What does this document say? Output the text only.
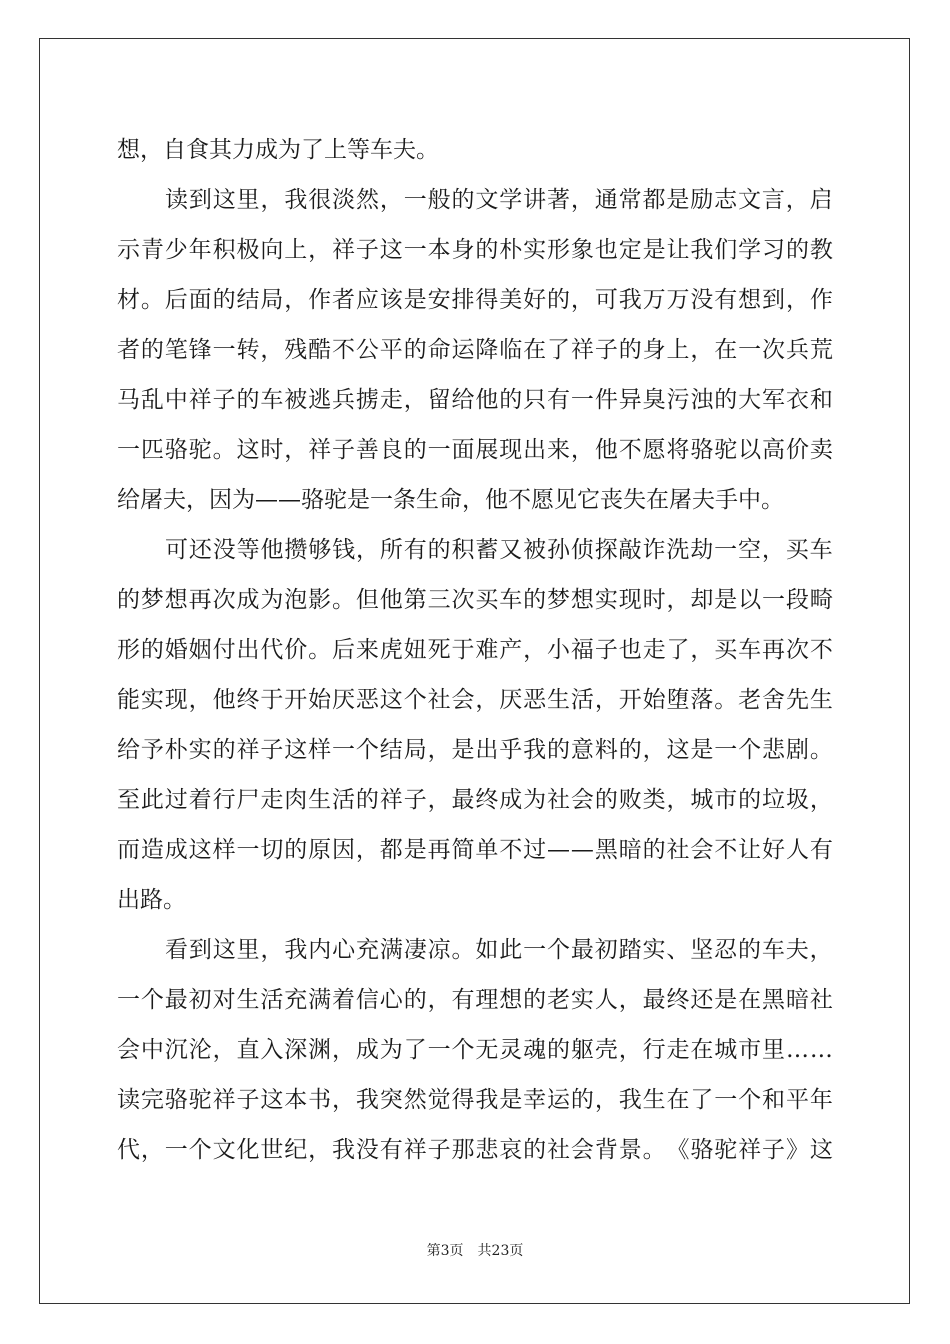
想，自食其力成为了上等车夫。
读 到 这 里 ， 我 很 淡 然 ， 一 般 的 文 学 讲 著 ， 通 常 都 是 励 志 文 言 ， 启
示 青 少 年 积 极 向 上 ， 祥 子 这 一 本 身 的 朴 实 形 象 也 定 是 让 我 们 学 习 的 教
材 。 后 面 的 结 局 ， 作 者 应 该 是 安 排 得 美 好 的 ， 可 我 万 万 没 有 想 到 ， 作
者 的 笔 锋 一 转 ， 残 酷 不 公 平 的 命 运 降 临 在 了 祥 子 的 身 上 ， 在 一 次 兵 荒
马 乱 中 祥 子 的 车 被 逃 兵 掳 走 ， 留 给 他 的 只 有 一 件 异 臭 污 浊 的 大 军 衣 和
一 匹 骆 驼 。 这 时 ， 祥 子 善 良 的 一 面 展 现 出 来 ， 他 不 愿 将 骆 驼 以 高 价 卖
给屠夫，因为——骆驼是一条生命，他不愿见它丧失在屠夫手中。
可 还 没 等 他 攒 够 钱 ， 所 有 的 积 蓄 又 被 孙 侦 探 敲 诈 洗 劫 一 空 ， 买 车
的 梦 想 再 次 成 为 泡 影 。 但 他 第 三 次 买 车 的 梦 想 实 现 时 ， 却 是 以 一 段 畸
形 的 婚 姻 付 出 代 价 。 后 来 虎 妞 死 于 难 产 ， 小 福 子 也 走 了 ， 买 车 再 次 不
能 实 现 ， 他 终 于 开 始 厌 恶 这 个 社 会 ， 厌 恶 生 活 ， 开 始 堕 落 。 老 舍 先 生
给 予 朴 实 的 祥 子 这 样 一 个 结 局 ， 是 出 乎 我 的 意 料 的 ， 这 是 一 个 悲 剧 。
至 此 过 着 行 尸 走 肉 生 活 的 祥 子 ， 最 终 成 为 社 会 的 败 类 ， 城 市 的 垃 圾 ，
而 造 成 这 样 一 切 的 原 因 ， 都 是 再 简 单 不 过 — — 黑 暗 的 社 会 不 让 好 人 有
出路。
看 到 这 里 ， 我 内 心 充 满 凄 凉 。 如 此 一 个 最 初 踏 实 、 坚 忍 的 车 夫 ，
一 个 最 初 对 生 活 充 满 着 信 心 的 ， 有 理 想 的 老 实 人 ， 最 终 还 是 在 黑 暗 社
会 中 沉 沦 ， 直 入 深 渊 ， 成 为 了 一 个 无 灵 魂 的 躯 壳 ， 行 走 在 城 市 里 … …
读 完 骆 驼 祥 子 这 本 书 ， 我 突 然 觉 得 我 是 幸 运 的 ， 我 生 在 了 一 个 和 平 年
代 ， 一 个 文 化 世 纪 ， 我 没 有 祥 子 那 悲 哀 的 社 会 背 景 。 《 骆 驼 祥 子 》 这
第3页　共23页
